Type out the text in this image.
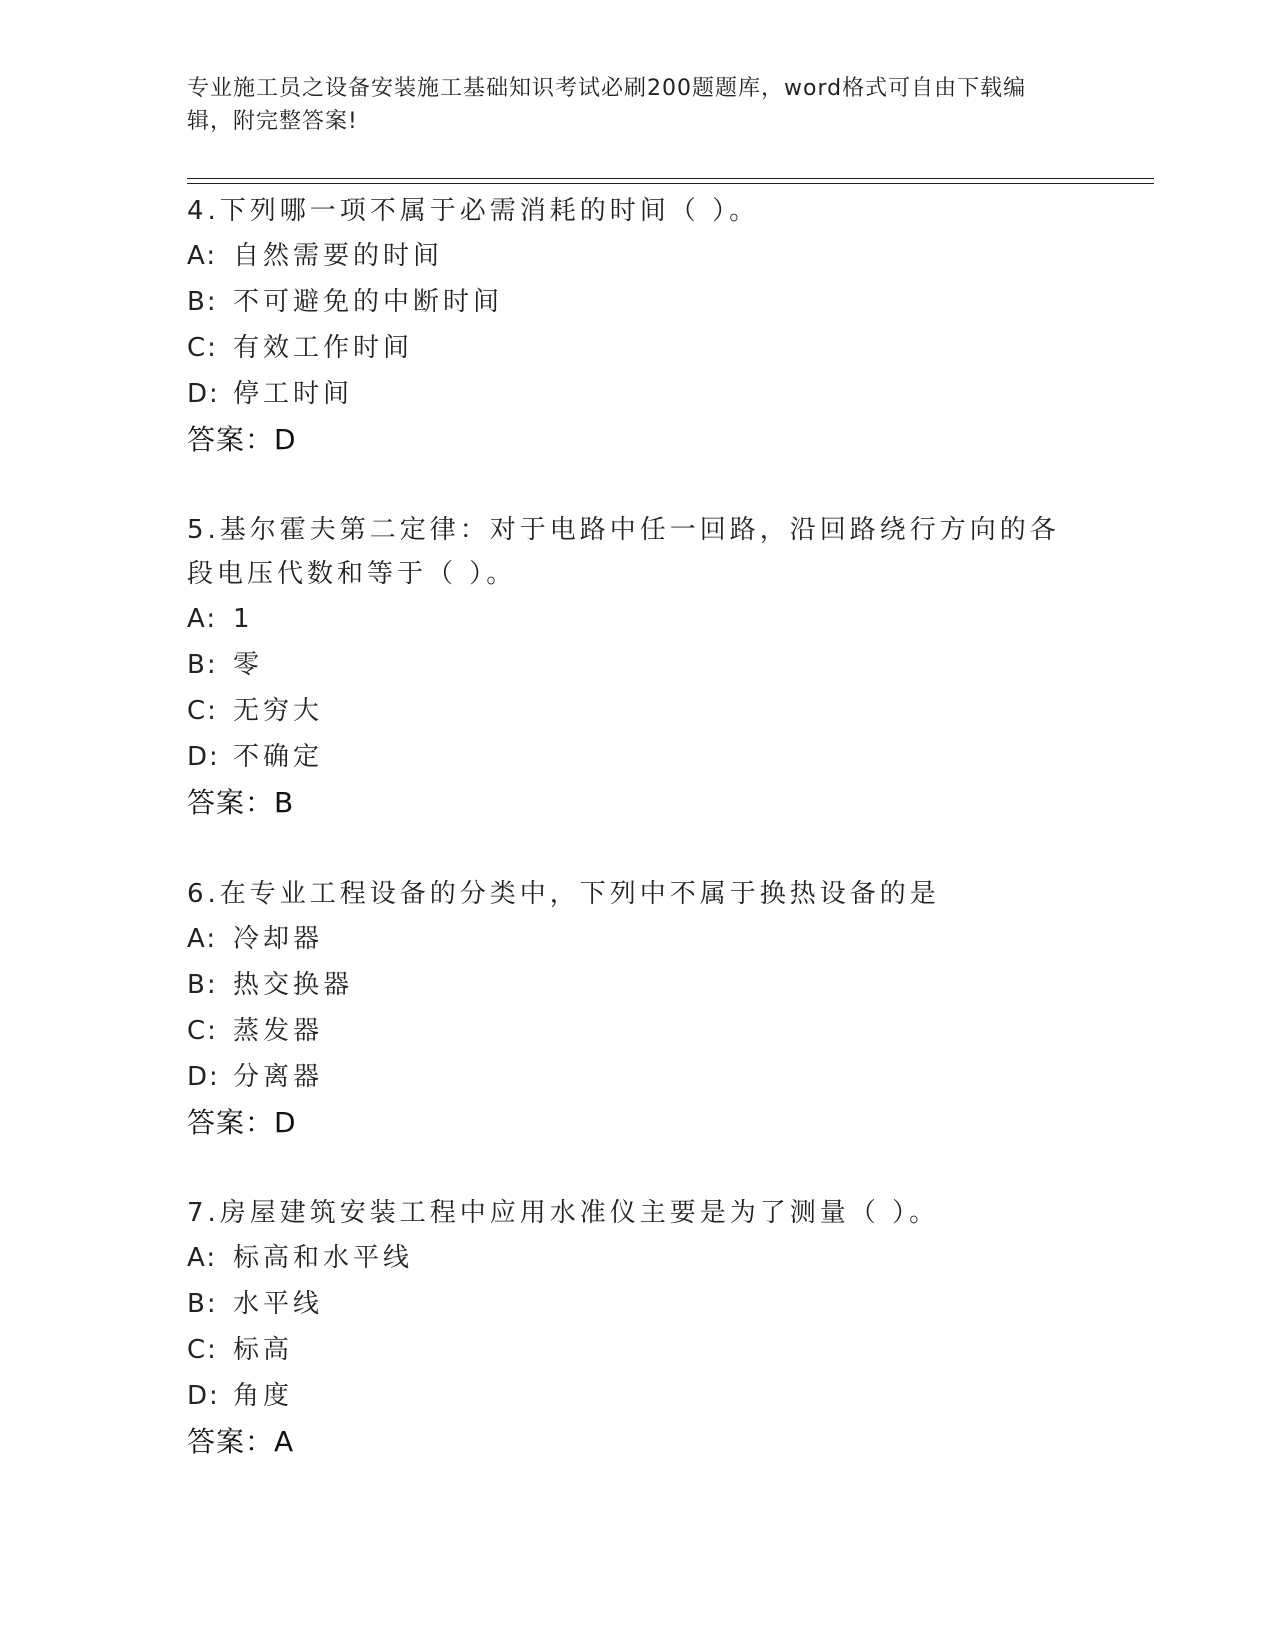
专业施工员之设备安装施工基础知识考试必刷200题题库，word格式可自由下载编辑，附完整答案!
4.下列哪一项不属于必需消耗的时间（ ）。
A: 自然需要的时间
B: 不可避免的中断时间
C: 有效工作时间
D: 停工时间
答案：D
5.基尔霍夫第二定律：对于电路中任一回路，沿回路绕行方向的各段电压代数和等于（ ）。
A: 1
B: 零
C: 无穷大
D: 不确定
答案：B
6.在专业工程设备的分类中，下列中不属于换热设备的是
A: 冷却器
B: 热交换器
C: 蒸发器
D: 分离器
答案：D
7.房屋建筑安装工程中应用水准仪主要是为了测量（ ）。
A: 标高和水平线
B: 水平线
C: 标高
D: 角度
答案：A
